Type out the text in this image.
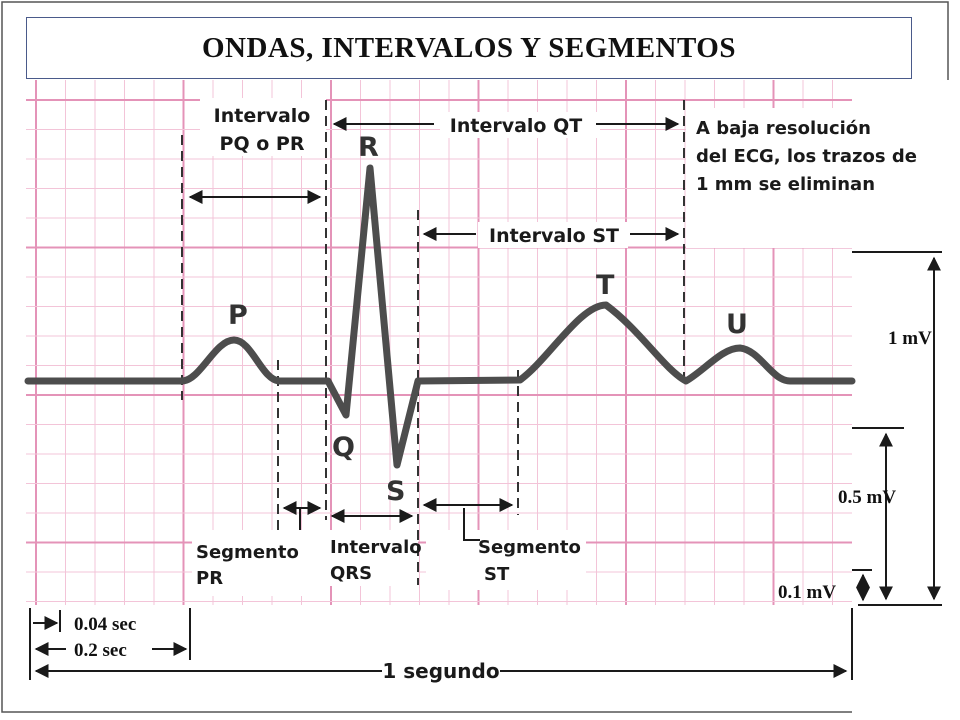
ONDAS, INTERVALOS Y SEGMENTOS
P
R
Q
S
T
U
Intervalo
PQ o PR
Intervalo QT
Intervalo ST
Intervalo
QRS
Segmento
PR
Segmento
ST
A baja resolución
del ECG, los trazos de
1 mm se eliminan
1 mV
0.5 mV
0.1 mV
0.04 sec
0.2 sec
1 segundo
